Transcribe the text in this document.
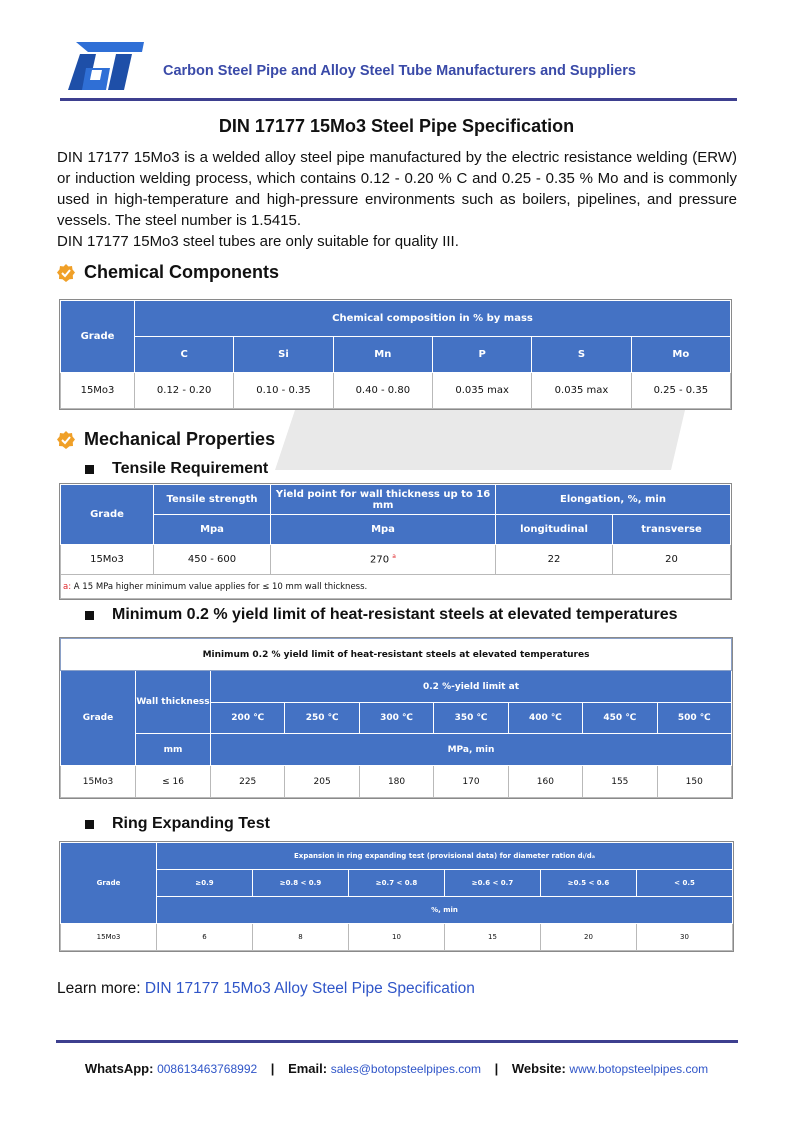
Carbon Steel Pipe and Alloy Steel Tube Manufacturers and Suppliers
DIN 17177 15Mo3 Steel Pipe Specification

DIN 17177 15Mo3 is a welded alloy steel pipe manufactured by the electric resistance welding (ERW) or induction welding process, which contains 0.12 - 0.20 % C and 0.25 - 0.35 % Mo and is commonly used in high-temperature and high-pressure environments such as boilers, pipelines, and pressure vessels. The steel number is 1.5415.

DIN 17177 15Mo3 steel tubes are only suitable for quality III.

Chemical Components
Grade	Chemical composition in % by mass					
	C	Si	Mn	P	S	Mo
15Mo3	0.12 - 0.20	0.10 - 0.35	0.40 - 0.80	0.035 max	0.035 max	0.25 - 0.35
Mechanical Properties
Tensile Requirement
Grade	Tensile strength	Yield point for wall thickness up to 16 mm	Elongation, %, min	
	Mpa	Mpa	longitudinal	transverse
15Mo3	450 - 600	270 $^a$	22	20
a: A 15 MPa higher minimum value applies for ≤ 10 mm wall thickness.				
Minimum 0.2 % yield limit of heat-resistant steels at elevated temperatures
Minimum 0.2 % yield limit of heat-resistant steels at elevated temperatures								
Grade	Wall thickness	0.2 %-yield limit at						
		200 ℃	250 ℃	300 ℃	350 ℃	400 ℃	450 ℃	500 ℃
	mm	MPa, min						
15Mo3	≤ 16	225	205	180	170	160	155	150
Ring Expanding Test
Grade	Expansion in ring expanding test (provisional data) for diameter ration dᵢ/dₐ					
	≥0.9	≥0.8 < 0.9	≥0.7 < 0.8	≥0.6 < 0.7	≥0.5 < 0.6	< 0.5
	%, min					
15Mo3	6	8	10	15	20	30
Learn more: DIN 17177 15Mo3 Alloy Steel Pipe Specification
WhatsApp: 008613463768992 | Email: sales@botopsteelpipes.com | Website: www.botopsteelpipes.com
